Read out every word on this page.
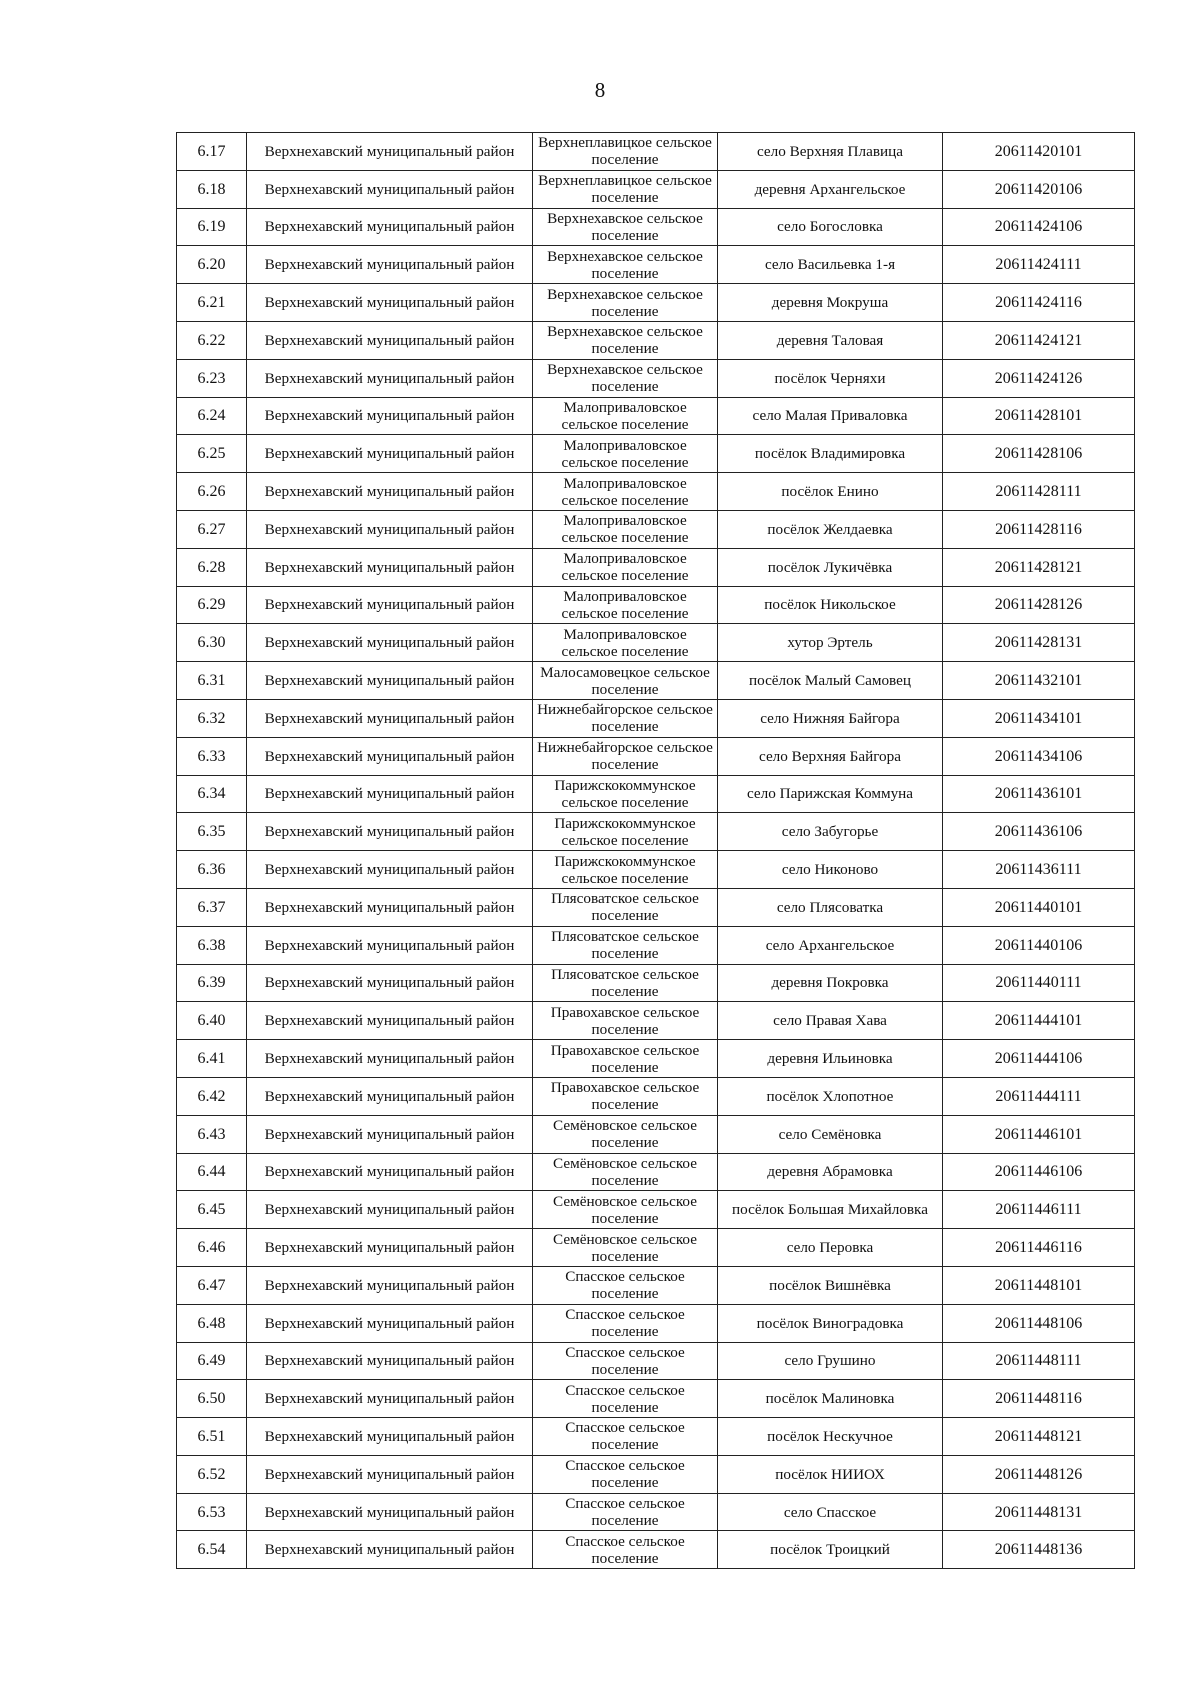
8
6.17	Верхнехавский муниципальный район	Верхнеплавицкое сельское поселение	село Верхняя Плавица	20611420101
6.18	Верхнехавский муниципальный район	Верхнеплавицкое сельское поселение	деревня Архангельское	20611420106
6.19	Верхнехавский муниципальный район	Верхнехавское сельское поселение	село Богословка	20611424106
6.20	Верхнехавский муниципальный район	Верхнехавское сельское поселение	село Васильевка 1-я	20611424111
6.21	Верхнехавский муниципальный район	Верхнехавское сельское поселение	деревня Мокруша	20611424116
6.22	Верхнехавский муниципальный район	Верхнехавское сельское поселение	деревня Таловая	20611424121
6.23	Верхнехавский муниципальный район	Верхнехавское сельское поселение	посёлок Черняхи	20611424126
6.24	Верхнехавский муниципальный район	Малоприваловское сельское поселение	село Малая Приваловка	20611428101
6.25	Верхнехавский муниципальный район	Малоприваловское сельское поселение	посёлок Владимировка	20611428106
6.26	Верхнехавский муниципальный район	Малоприваловское сельское поселение	посёлок Енино	20611428111
6.27	Верхнехавский муниципальный район	Малоприваловское сельское поселение	посёлок Желдаевка	20611428116
6.28	Верхнехавский муниципальный район	Малоприваловское сельское поселение	посёлок Лукичёвка	20611428121
6.29	Верхнехавский муниципальный район	Малоприваловское сельское поселение	посёлок Никольское	20611428126
6.30	Верхнехавский муниципальный район	Малоприваловское сельское поселение	хутор Эртель	20611428131
6.31	Верхнехавский муниципальный район	Малосамовецкое сельское поселение	посёлок Малый Самовец	20611432101
6.32	Верхнехавский муниципальный район	Нижнебайгорское сельское поселение	село Нижняя Байгора	20611434101
6.33	Верхнехавский муниципальный район	Нижнебайгорское сельское поселение	село Верхняя Байгора	20611434106
6.34	Верхнехавский муниципальный район	Парижскокоммунское сельское поселение	село Парижская Коммуна	20611436101
6.35	Верхнехавский муниципальный район	Парижскокоммунское сельское поселение	село Забугорье	20611436106
6.36	Верхнехавский муниципальный район	Парижскокоммунское сельское поселение	село Никоново	20611436111
6.37	Верхнехавский муниципальный район	Плясоватское сельское поселение	село Плясоватка	20611440101
6.38	Верхнехавский муниципальный район	Плясоватское сельское поселение	село Архангельское	20611440106
6.39	Верхнехавский муниципальный район	Плясоватское сельское поселение	деревня Покровка	20611440111
6.40	Верхнехавский муниципальный район	Правохавское сельское поселение	село Правая Хава	20611444101
6.41	Верхнехавский муниципальный район	Правохавское сельское поселение	деревня Ильиновка	20611444106
6.42	Верхнехавский муниципальный район	Правохавское сельское поселение	посёлок Хлопотное	20611444111
6.43	Верхнехавский муниципальный район	Семёновское сельское поселение	село Семёновка	20611446101
6.44	Верхнехавский муниципальный район	Семёновское сельское поселение	деревня Абрамовка	20611446106
6.45	Верхнехавский муниципальный район	Семёновское сельское поселение	посёлок Большая Михайловка	20611446111
6.46	Верхнехавский муниципальный район	Семёновское сельское поселение	село Перовка	20611446116
6.47	Верхнехавский муниципальный район	Спасское сельское поселение	посёлок Вишнёвка	20611448101
6.48	Верхнехавский муниципальный район	Спасское сельское поселение	посёлок Виноградовка	20611448106
6.49	Верхнехавский муниципальный район	Спасское сельское поселение	село Грушино	20611448111
6.50	Верхнехавский муниципальный район	Спасское сельское поселение	посёлок Малиновка	20611448116
6.51	Верхнехавский муниципальный район	Спасское сельское поселение	посёлок Нескучное	20611448121
6.52	Верхнехавский муниципальный район	Спасское сельское поселение	посёлок НИИОХ	20611448126
6.53	Верхнехавский муниципальный район	Спасское сельское поселение	село Спасское	20611448131
6.54	Верхнехавский муниципальный район	Спасское сельское поселение	посёлок Троицкий	20611448136
